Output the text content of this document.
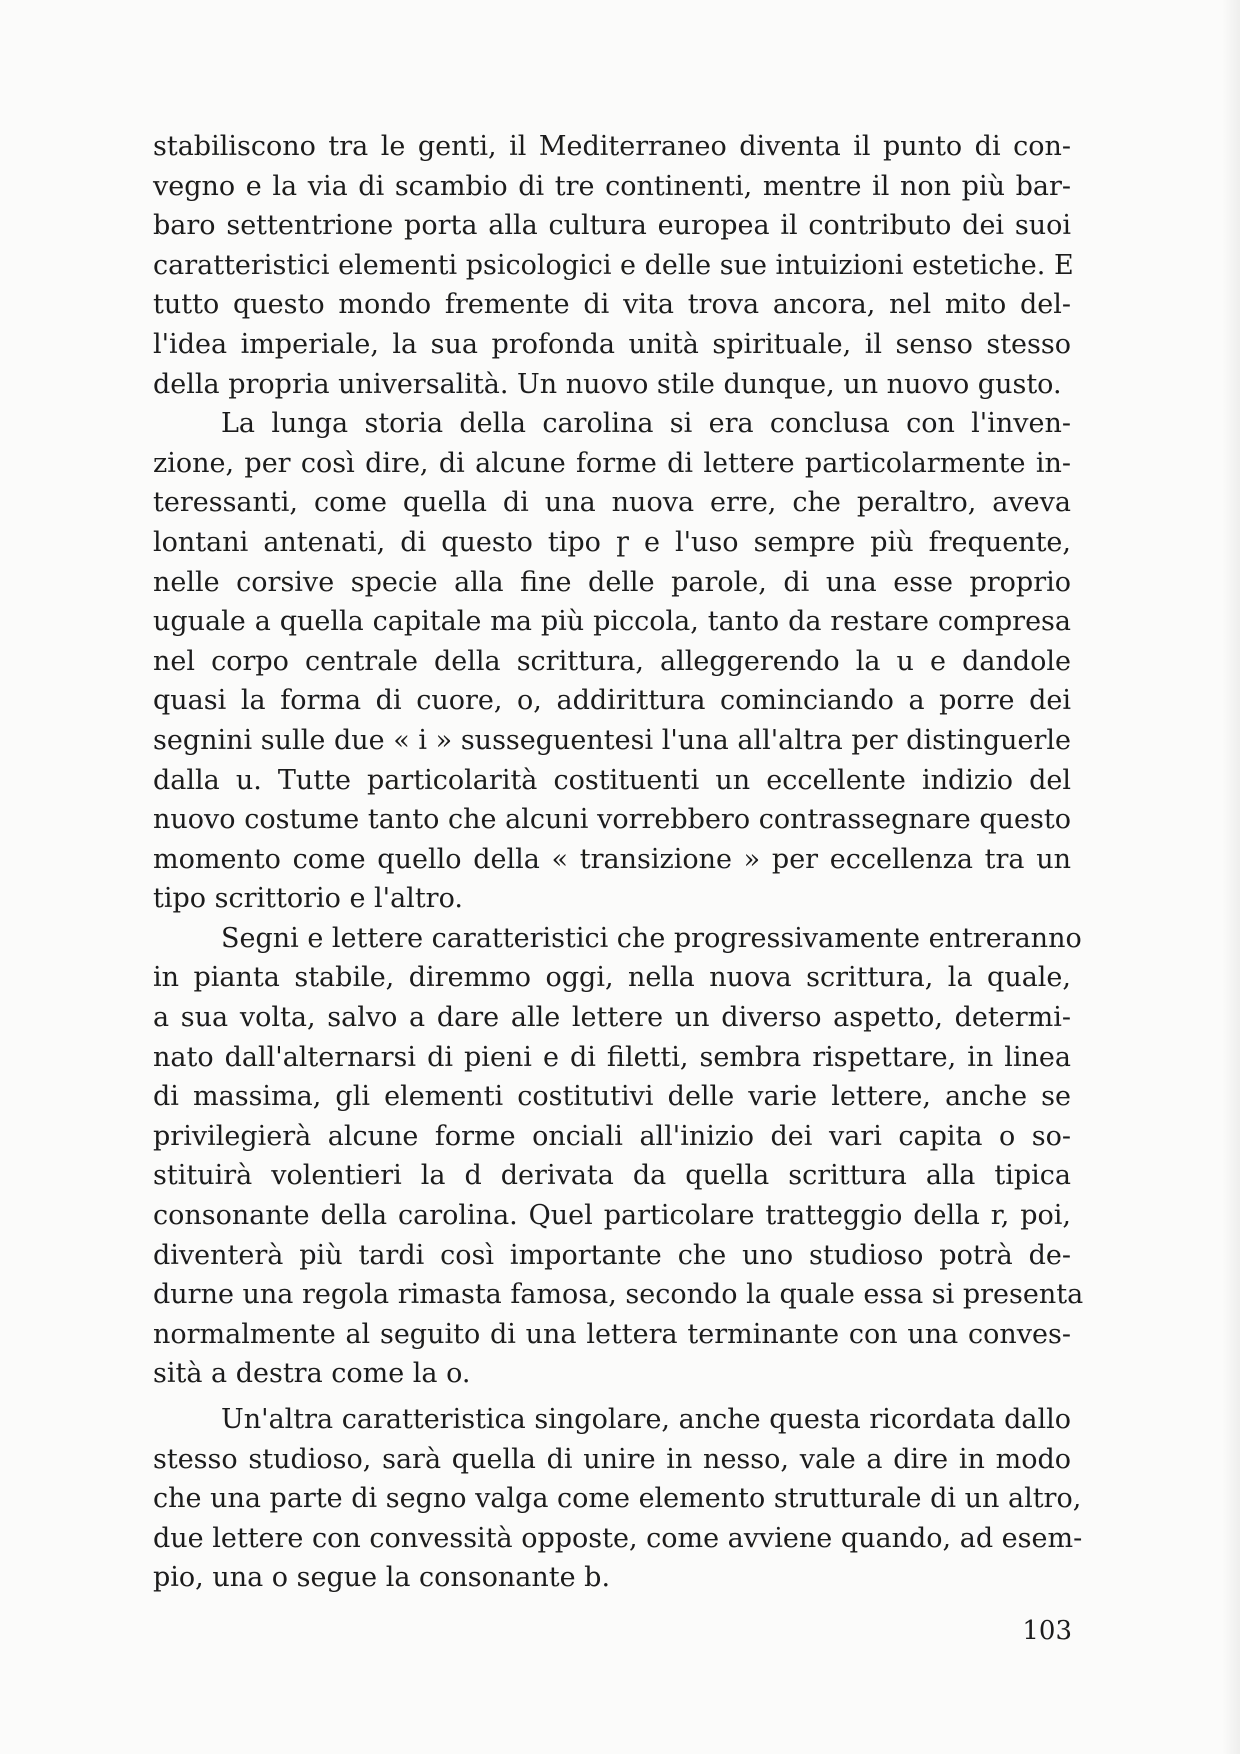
stabiliscono tra le genti, il Mediterraneo diventa il punto di con-
vegno e la via di scambio di tre continenti, mentre il non più bar-
baro settentrione porta alla cultura europea il contributo dei suoi
caratteristici elementi psicologici e delle sue intuizioni estetiche. E
tutto questo mondo fremente di vita trova ancora, nel mito del-
l'idea imperiale, la sua profonda unità spirituale, il senso stesso
della propria universalità. Un nuovo stile dunque, un nuovo gusto.
La lunga storia della carolina si era conclusa con l'inven-
zione, per così dire, di alcune forme di lettere particolarmente in-
teressanti, come quella di una nuova erre, che peraltro, aveva
lontani antenati, di questo tipo ɼ e l'uso sempre più frequente,
nelle corsive specie alla fine delle parole, di una esse proprio
uguale a quella capitale ma più piccola, tanto da restare compresa
nel corpo centrale della scrittura, alleggerendo la u e dandole
quasi la forma di cuore, o, addirittura cominciando a porre dei
segnini sulle due « i » susseguentesi l'una all'altra per distinguerle
dalla u. Tutte particolarità costituenti un eccellente indizio del
nuovo costume tanto che alcuni vorrebbero contrassegnare questo
momento come quello della « transizione » per eccellenza tra un
tipo scrittorio e l'altro.
Segni e lettere caratteristici che progressivamente entreranno
in pianta stabile, diremmo oggi, nella nuova scrittura, la quale,
a sua volta, salvo a dare alle lettere un diverso aspetto, determi-
nato dall'alternarsi di pieni e di filetti, sembra rispettare, in linea
di massima, gli elementi costitutivi delle varie lettere, anche se
privilegierà alcune forme onciali all'inizio dei vari capita o so-
stituirà volentieri la d derivata da quella scrittura alla tipica
consonante della carolina. Quel particolare tratteggio della r, poi,
diventerà più tardi così importante che uno studioso potrà de-
durne una regola rimasta famosa, secondo la quale essa si presenta
normalmente al seguito di una lettera terminante con una conves-
sità a destra come la o.
Un'altra caratteristica singolare, anche questa ricordata dallo
stesso studioso, sarà quella di unire in nesso, vale a dire in modo
che una parte di segno valga come elemento strutturale di un altro,
due lettere con convessità opposte, come avviene quando, ad esem-
pio, una o segue la consonante b.
103
